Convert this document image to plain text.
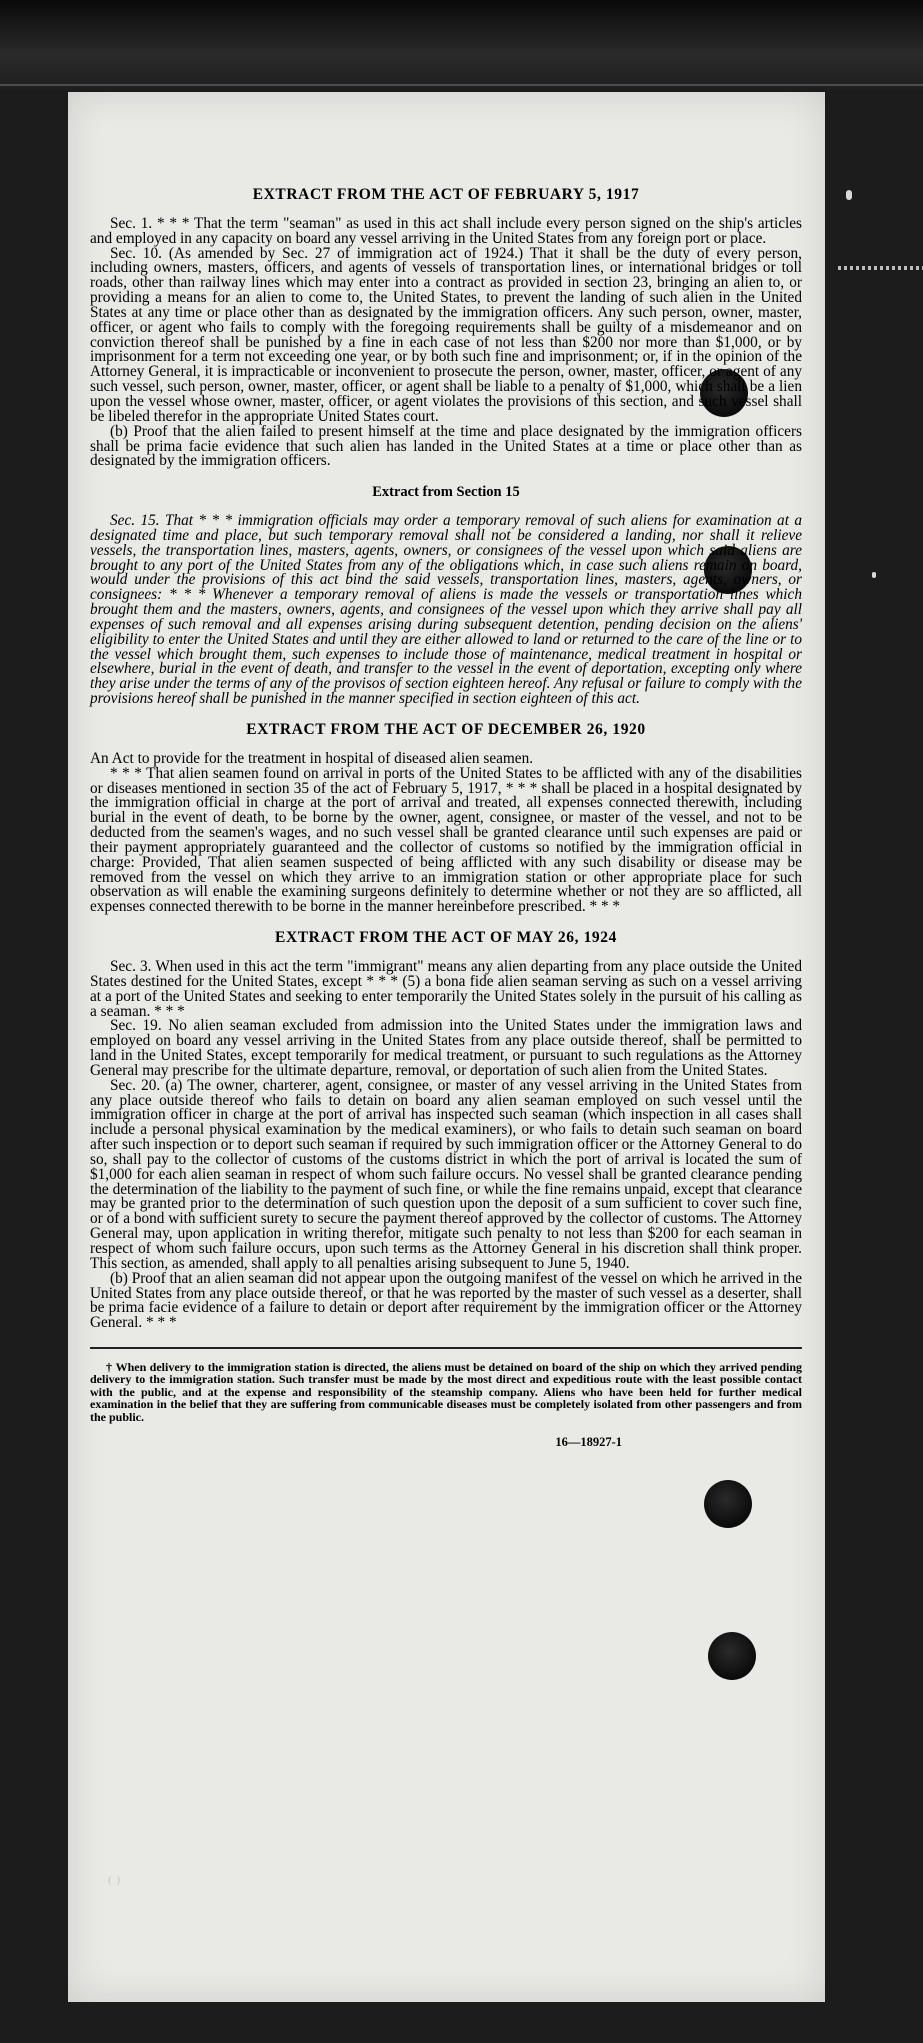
( )
EXTRACT FROM THE ACT OF FEBRUARY 5, 1917

Sec. 1. * * * That the term "seaman" as used in this act shall include every person signed on the ship's articles and employed in any capacity on board any vessel arriving in the United States from any foreign port or place.

Sec. 10. (As amended by Sec. 27 of immigration act of 1924.) That it shall be the duty of every person, including owners, masters, officers, and agents of vessels of transportation lines, or international bridges or toll roads, other than railway lines which may enter into a contract as provided in section 23, bringing an alien to, or providing a means for an alien to come to, the United States, to prevent the landing of such alien in the United States at any time or place other than as designated by the immigration officers. Any such person, owner, master, officer, or agent who fails to comply with the foregoing requirements shall be guilty of a misdemeanor and on conviction thereof shall be punished by a fine in each case of not less than $200 nor more than $1,000, or by imprisonment for a term not exceeding one year, or by both such fine and imprisonment; or, if in the opinion of the Attorney General, it is impracticable or inconvenient to prosecute the person, owner, master, officer, or agent of any such vessel, such person, owner, master, officer, or agent shall be liable to a penalty of $1,000, which shall be a lien upon the vessel whose owner, master, officer, or agent violates the provisions of this section, and such vessel shall be libeled therefor in the appropriate United States court.

(b) Proof that the alien failed to present himself at the time and place designated by the immigration officers shall be prima facie evidence that such alien has landed in the United States at a time or place other than as designated by the immigration officers.

Extract from Section 15

Sec. 15. That * * * immigration officials may order a temporary removal of such aliens for examination at a designated time and place, but such temporary removal shall not be considered a landing, nor shall it relieve vessels, the transportation lines, masters, agents, owners, or consignees of the vessel upon which said aliens are brought to any port of the United States from any of the obligations which, in case such aliens remain on board, would under the provisions of this act bind the said vessels, transportation lines, masters, agents, owners, or consignees: * * * Whenever a temporary removal of aliens is made the vessels or transportation lines which brought them and the masters, owners, agents, and consignees of the vessel upon which they arrive shall pay all expenses of such removal and all expenses arising during subsequent detention, pending decision on the aliens' eligibility to enter the United States and until they are either allowed to land or returned to the care of the line or to the vessel which brought them, such expenses to include those of maintenance, medical treatment in hospital or elsewhere, burial in the event of death, and transfer to the vessel in the event of deportation, excepting only where they arise under the terms of any of the provisos of section eighteen hereof. Any refusal or failure to comply with the provisions hereof shall be punished in the manner specified in section eighteen of this act.

EXTRACT FROM THE ACT OF DECEMBER 26, 1920

An Act to provide for the treatment in hospital of diseased alien seamen.

* * * That alien seamen found on arrival in ports of the United States to be afflicted with any of the disabilities or diseases mentioned in section 35 of the act of February 5, 1917, * * * shall be placed in a hospital designated by the immigration official in charge at the port of arrival and treated, all expenses connected therewith, including burial in the event of death, to be borne by the owner, agent, consignee, or master of the vessel, and not to be deducted from the seamen's wages, and no such vessel shall be granted clearance until such expenses are paid or their payment appropriately guaranteed and the collector of customs so notified by the immigration official in charge: Provided, That alien seamen suspected of being afflicted with any such disability or disease may be removed from the vessel on which they arrive to an immigration station or other appropriate place for such observation as will enable the examining surgeons definitely to determine whether or not they are so afflicted, all expenses connected therewith to be borne in the manner hereinbefore prescribed. * * *

EXTRACT FROM THE ACT OF MAY 26, 1924

Sec. 3. When used in this act the term "immigrant" means any alien departing from any place outside the United States destined for the United States, except * * * (5) a bona fide alien seaman serving as such on a vessel arriving at a port of the United States and seeking to enter temporarily the United States solely in the pursuit of his calling as a seaman. * * *

Sec. 19. No alien seaman excluded from admission into the United States under the immigration laws and employed on board any vessel arriving in the United States from any place outside thereof, shall be permitted to land in the United States, except temporarily for medical treatment, or pursuant to such regulations as the Attorney General may prescribe for the ultimate departure, removal, or deportation of such alien from the United States.

Sec. 20. (a) The owner, charterer, agent, consignee, or master of any vessel arriving in the United States from any place outside thereof who fails to detain on board any alien seaman employed on such vessel until the immigration officer in charge at the port of arrival has inspected such seaman (which inspection in all cases shall include a personal physical examination by the medical examiners), or who fails to detain such seaman on board after such inspection or to deport such seaman if required by such immigration officer or the Attorney General to do so, shall pay to the collector of customs of the customs district in which the port of arrival is located the sum of $1,000 for each alien seaman in respect of whom such failure occurs. No vessel shall be granted clearance pending the determination of the liability to the payment of such fine, or while the fine remains unpaid, except that clearance may be granted prior to the determination of such question upon the deposit of a sum sufficient to cover such fine, or of a bond with sufficient surety to secure the payment thereof approved by the collector of customs. The Attorney General may, upon application in writing therefor, mitigate such penalty to not less than $200 for each seaman in respect of whom such failure occurs, upon such terms as the Attorney General in his discretion shall think proper. This section, as amended, shall apply to all penalties arising subsequent to June 5, 1940.

(b) Proof that an alien seaman did not appear upon the outgoing manifest of the vessel on which he arrived in the United States from any place outside thereof, or that he was reported by the master of such vessel as a deserter, shall be prima facie evidence of a failure to detain or deport after requirement by the immigration officer or the Attorney General. * * *

† When delivery to the immigration station is directed, the aliens must be detained on board of the ship on which they arrived pending delivery to the immigration station. Such transfer must be made by the most direct and expeditious route with the least possible contact with the public, and at the expense and responsibility of the steamship company. Aliens who have been held for further medical examination in the belief that they are suffering from communicable diseases must be completely isolated from other passengers and from the public.

16—18927-1
